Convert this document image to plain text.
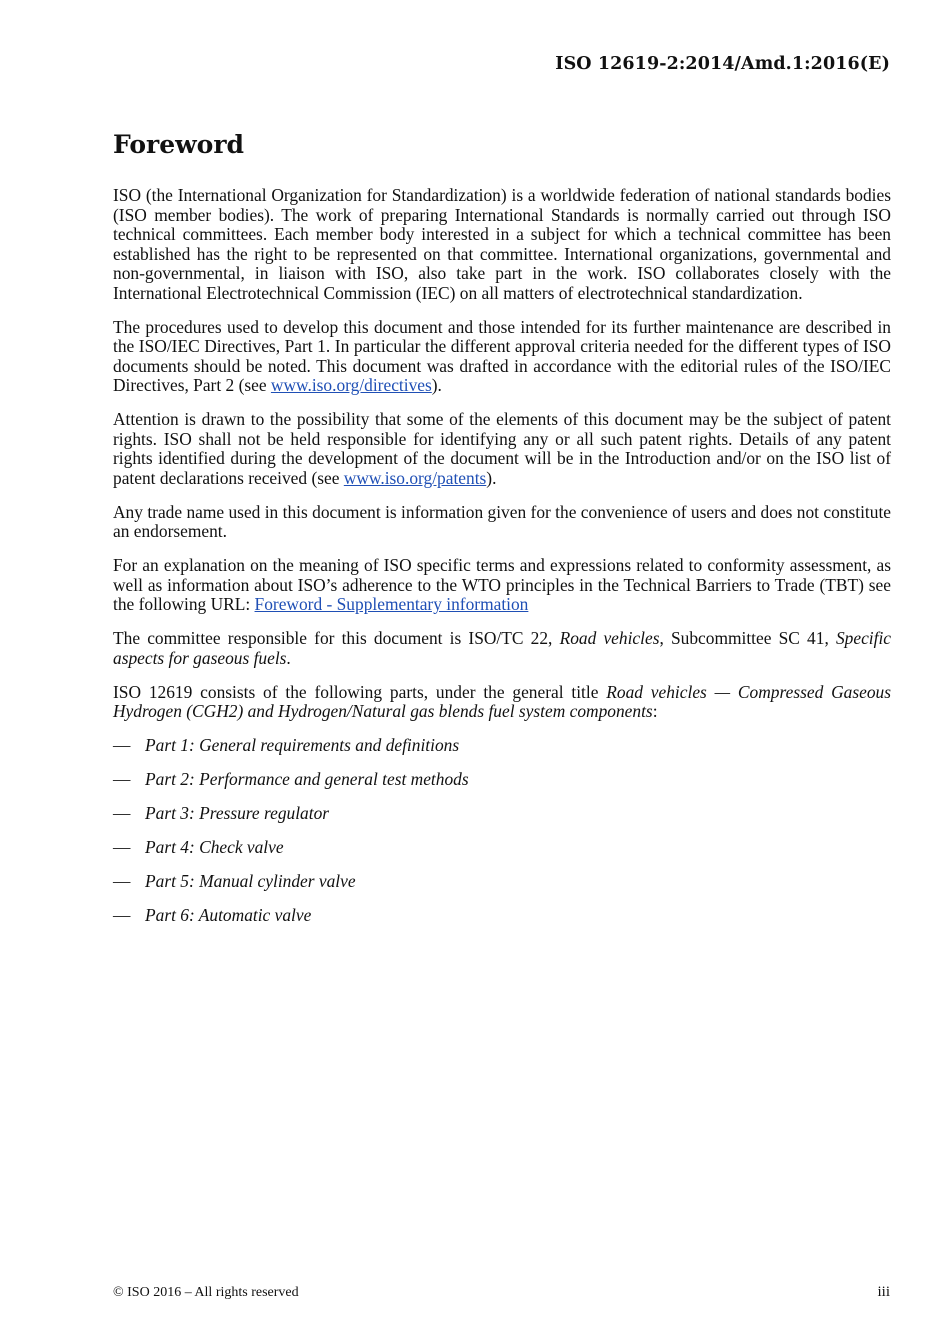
ISO 12619-2:2014/Amd.1:2016(E)
Foreword

ISO (the International Organization for Standardization) is a worldwide federation of national standards bodies (ISO member bodies). The work of preparing International Standards is normally carried out through ISO technical committees. Each member body interested in a subject for which a technical committee has been established has the right to be represented on that committee. International organizations, governmental and non-governmental, in liaison with ISO, also take part in the work. ISO collaborates closely with the International Electrotechnical Commission (IEC) on all matters of electrotechnical standardization.

The procedures used to develop this document and those intended for its further maintenance are described in the ISO/IEC Directives, Part 1. In particular the different approval criteria needed for the different types of ISO documents should be noted. This document was drafted in accordance with the editorial rules of the ISO/IEC Directives, Part 2 (see www.iso.org/directives).

Attention is drawn to the possibility that some of the elements of this document may be the subject of patent rights. ISO shall not be held responsible for identifying any or all such patent rights. Details of any patent rights identified during the development of the document will be in the Introduction and/or on the ISO list of patent declarations received (see www.iso.org/patents).

Any trade name used in this document is information given for the convenience of users and does not constitute an endorsement.

For an explanation on the meaning of ISO specific terms and expressions related to conformity assessment, as well as information about ISO’s adherence to the WTO principles in the Technical Barriers to Trade (TBT) see the following URL: Foreword - Supplementary information

The committee responsible for this document is ISO/TC 22, Road vehicles, Subcommittee SC 41, Specific aspects for gaseous fuels.

ISO 12619 consists of the following parts, under the general title Road vehicles — Compressed Gaseous Hydrogen (CGH2) and Hydrogen/Natural gas blends fuel system components:

— Part 1: General requirements and definitions
— Part 2: Performance and general test methods
— Part 3: Pressure regulator
— Part 4: Check valve
— Part 5: Manual cylinder valve
— Part 6: Automatic valve
© ISO 2016 – All rights reserved	iii
